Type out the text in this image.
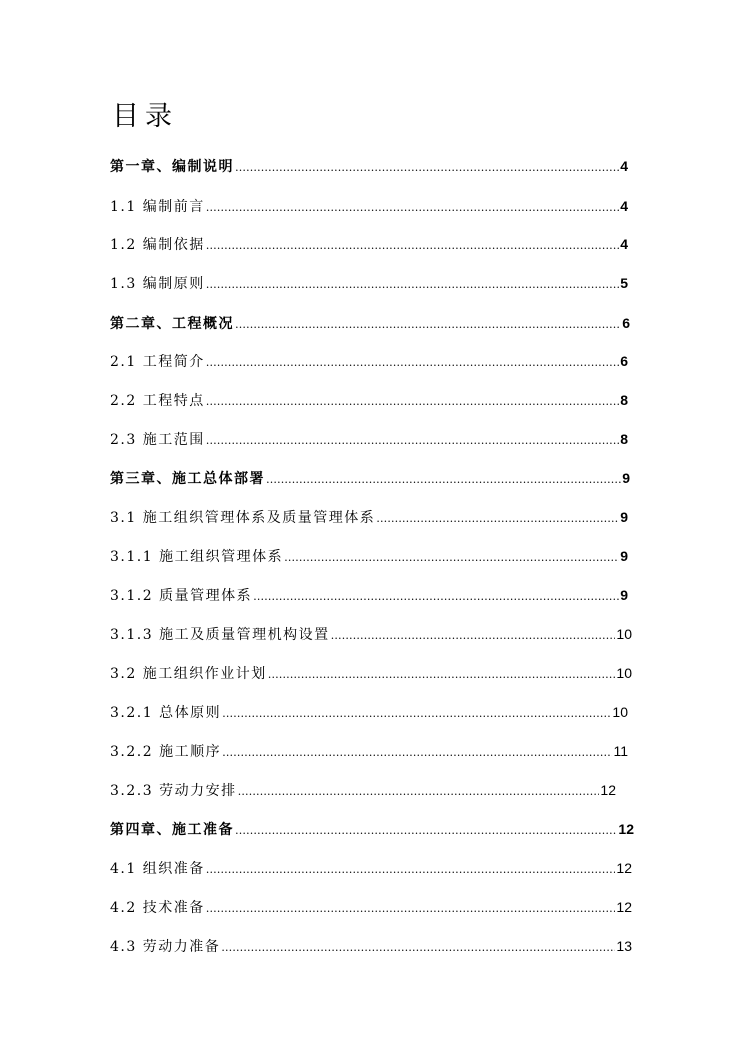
目录
第一章、编制说明 ……………………………………………………………………………………………………………………………………………………………………	4
1.1 编制前言 ……………………………………………………………………………………………………………………………………………………………………	4
1.2 编制依据 ……………………………………………………………………………………………………………………………………………………………………	4
1.3 编制原则 ……………………………………………………………………………………………………………………………………………………………………	5
第二章、工程概况 ……………………………………………………………………………………………………………………………………………………………………	6
2.1 工程简介 ……………………………………………………………………………………………………………………………………………………………………	6
2.2 工程特点 ……………………………………………………………………………………………………………………………………………………………………	8
2.3 施工范围 ……………………………………………………………………………………………………………………………………………………………………	8
第三章、施工总体部署 ……………………………………………………………………………………………………………………………………………………………………	9
3.1 施工组织管理体系及质量管理体系 ……………………………………………………………………………………………………………………………………………………………………	9
3.1.1 施工组织管理体系 ……………………………………………………………………………………………………………………………………………………………………	9
3.1.2 质量管理体系 ……………………………………………………………………………………………………………………………………………………………………	9
3.1.3 施工及质量管理机构设置 ……………………………………………………………………………………………………………………………………………………………………	10
3.2 施工组织作业计划 ……………………………………………………………………………………………………………………………………………………………………	10
3.2.1 总体原则 ……………………………………………………………………………………………………………………………………………………………………	10
3.2.2 施工顺序 ……………………………………………………………………………………………………………………………………………………………………	11
3.2.3 劳动力安排 ……………………………………………………………………………………………………………………………………………………………………	12
第四章、施工准备 ……………………………………………………………………………………………………………………………………………………………………	12
4.1 组织准备 ……………………………………………………………………………………………………………………………………………………………………	12
4.2 技术准备 ……………………………………………………………………………………………………………………………………………………………………	12
4.3 劳动力准备 ……………………………………………………………………………………………………………………………………………………………………	13
